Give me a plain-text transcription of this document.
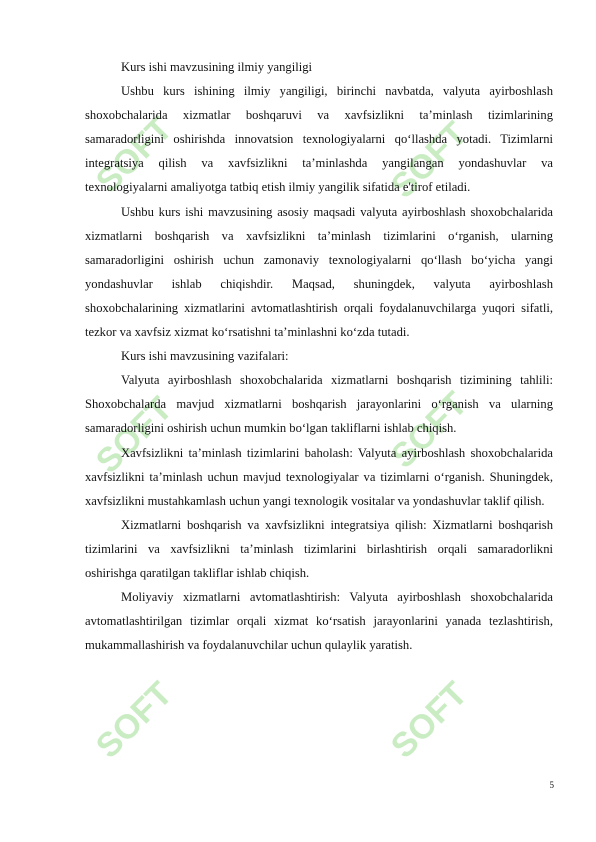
SOFT	SOFT
SOFT	SOFT
SOFT	SOFT

Kurs ishi mavzusining ilmiy yangiligi

Ushbu kurs ishining ilmiy yangiligi, birinchi navbatda, valyuta ayirboshlash shoxobchalarida xizmatlar boshqaruvi va xavfsizlikni ta’minlash tizimlarining samaradorligini oshirishda innovatsion texnologiyalarni qo‘llashda yotadi. Tizimlarni integratsiya qilish va xavfsizlikni ta’minlashda yangilangan yondashuvlar va texnologiyalarni amaliyotga tatbiq etish ilmiy yangilik sifatida e'tirof etiladi.

Ushbu kurs ishi mavzusining asosiy maqsadi valyuta ayirboshlash shoxobchalarida xizmatlarni boshqarish va xavfsizlikni ta’minlash tizimlarini o‘rganish, ularning samaradorligini oshirish uchun zamonaviy texnologiyalarni qo‘llash bo‘yicha yangi yondashuvlar ishlab chiqishdir. Maqsad, shuningdek, valyuta ayirboshlash shoxobchalarining xizmatlarini avtomatlashtirish orqali foydalanuvchilarga yuqori sifatli, tezkor va xavfsiz xizmat ko‘rsatishni ta’minlashni ko‘zda tutadi.

Kurs ishi mavzusining vazifalari:

Valyuta ayirboshlash shoxobchalarida xizmatlarni boshqarish tizimining tahlili: Shoxobchalarda mavjud xizmatlarni boshqarish jarayonlarini o‘rganish va ularning samaradorligini oshirish uchun mumkin bo‘lgan takliflarni ishlab chiqish.

Xavfsizlikni ta’minlash tizimlarini baholash: Valyuta ayirboshlash shoxobchalarida xavfsizlikni ta’minlash uchun mavjud texnologiyalar va tizimlarni o‘rganish. Shuningdek, xavfsizlikni mustahkamlash uchun yangi texnologik vositalar va yondashuvlar taklif qilish.

Xizmatlarni boshqarish va xavfsizlikni integratsiya qilish: Xizmatlarni boshqarish tizimlarini va xavfsizlikni ta’minlash tizimlarini birlashtirish orqali samaradorlikni oshirishga qaratilgan takliflar ishlab chiqish.

Moliyaviy xizmatlarni avtomatlashtirish: Valyuta ayirboshlash shoxobchalarida avtomatlashtirilgan tizimlar orqali xizmat ko‘rsatish jarayonlarini yanada tezlashtirish, mukammallashirish va foydalanuvchilar uchun qulaylik yaratish.

5
